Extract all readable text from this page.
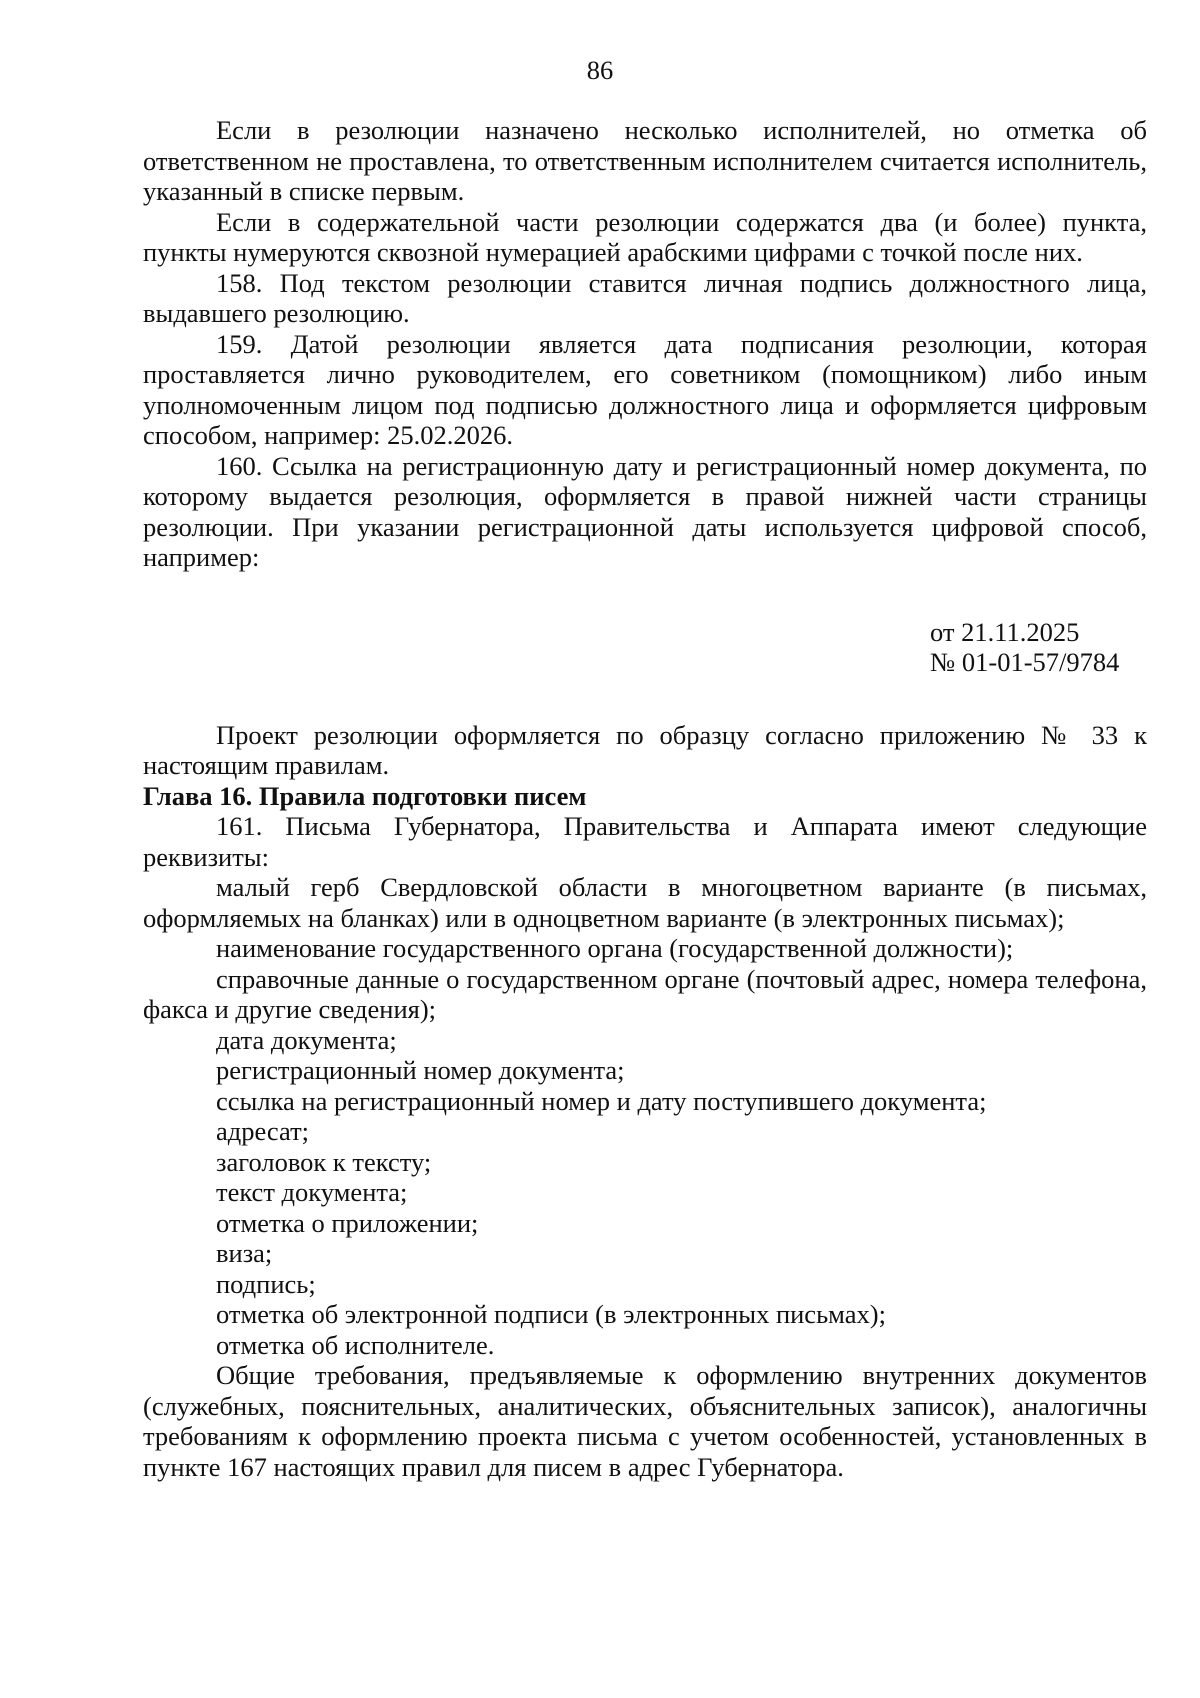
86

Если в резолюции назначено несколько исполнителей, но отметка об ответственном не проставлена, то ответственным исполнителем считается исполнитель, указанный в списке первым.

Если в содержательной части резолюции содержатся два (и более) пункта, пункты нумеруются сквозной нумерацией арабскими цифрами с точкой после них.

158. Под текстом резолюции ставится личная подпись должностного лица, выдавшего резолюцию.

159. Датой резолюции является дата подписания резолюции, которая проставляется лично руководителем, его советником (помощником) либо иным уполномоченным лицом под подписью должностного лица и оформляется цифровым способом, например: 25.02.2026.

160. Ссылка на регистрационную дату и регистрационный номер документа, по которому выдается резолюция, оформляется в правой нижней части страницы резолюции. При указании регистрационной даты используется цифровой способ, например:

от 21.11.2025
№ 01-01-57/9784

Проект резолюции оформляется по образцу согласно приложению № 33 к настоящим правилам.

Глава 16. Правила подготовки писем

161. Письма Губернатора, Правительства и Аппарата имеют следующие реквизиты:

малый герб Свердловской области в многоцветном варианте (в письмах, оформляемых на бланках) или в одноцветном варианте (в электронных письмах);

наименование государственного органа (государственной должности);

справочные данные о государственном органе (почтовый адрес, номера телефона, факса и другие сведения);

дата документа;

регистрационный номер документа;

ссылка на регистрационный номер и дату поступившего документа;

адресат;

заголовок к тексту;

текст документа;

отметка о приложении;

виза;

подпись;

отметка об электронной подписи (в электронных письмах);

отметка об исполнителе.

Общие требования, предъявляемые к оформлению внутренних документов (служебных, пояснительных, аналитических, объяснительных записок), аналогичны требованиям к оформлению проекта письма с учетом особенностей, установленных в пункте 167 настоящих правил для писем в адрес Губернатора.
